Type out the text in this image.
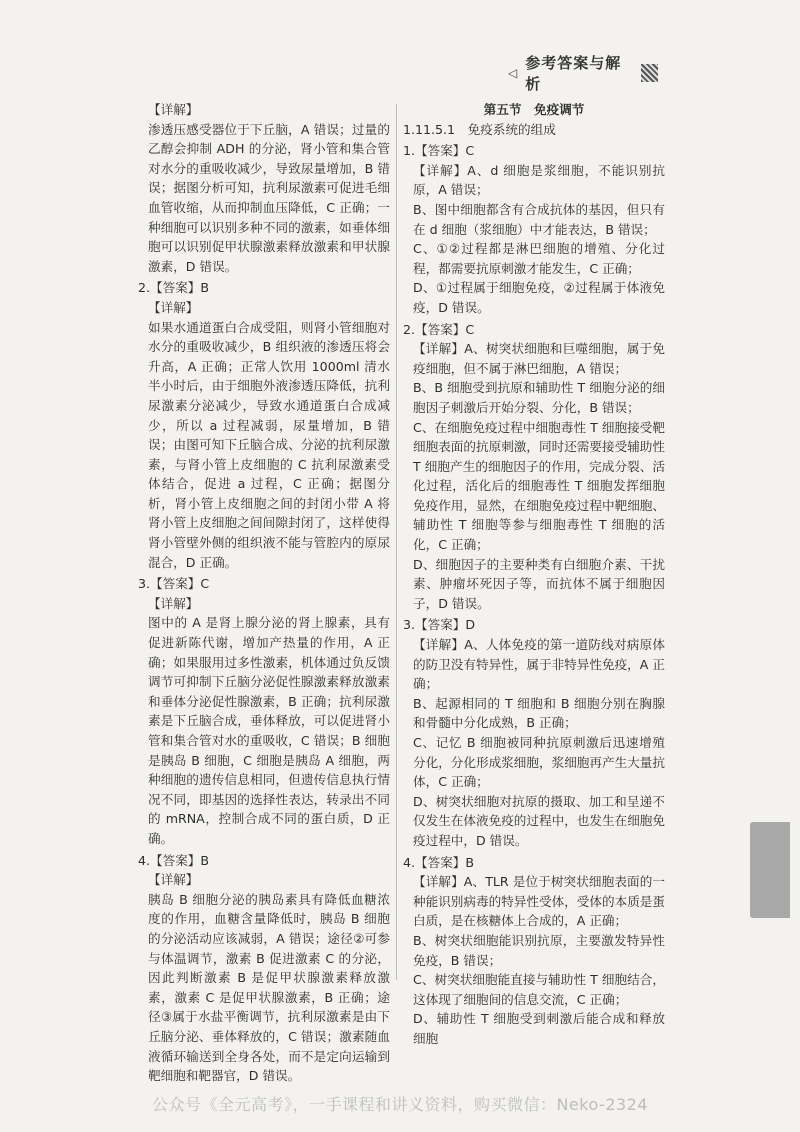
◁
参考答案与解析

【详解】

渗透压感受器位于下丘脑，A 错误；过量的乙醇会抑制 ADH 的分泌，肾小管和集合管对水分的重吸收减少，导致尿量增加，B 错误；据图分析可知，抗利尿激素可促进毛细血管收缩，从而抑制血压降低，C 正确；一种细胞可以识别多种不同的激素，如垂体细胞可以识别促甲状腺激素释放激素和甲状腺激素，D 错误。

2.【答案】B

【详解】

如果水通道蛋白合成受阻，则肾小管细胞对水分的重吸收减少，B 组织液的渗透压将会升高，A 正确；正常人饮用 1000ml 清水半小时后，由于细胞外液渗透压降低，抗利尿激素分泌减少，导致水通道蛋白合成减少，所以 a 过程减弱，尿量增加，B 错误；由图可知下丘脑合成、分泌的抗利尿激素，与肾小管上皮细胞的 C 抗利尿激素受体结合，促进 a 过程，C 正确；据图分析，肾小管上皮细胞之间的封闭小带 A 将肾小管上皮细胞之间间隙封闭了，这样使得肾小管壁外侧的组织液不能与管腔内的原尿混合，D 正确。

3.【答案】C

【详解】

图中的 A 是肾上腺分泌的肾上腺素，具有促进新陈代谢，增加产热量的作用，A 正确；如果服用过多性激素，机体通过负反馈调节可抑制下丘脑分泌促性腺激素释放激素和垂体分泌促性腺激素，B 正确；抗利尿激素是下丘脑合成，垂体释放，可以促进肾小管和集合管对水的重吸收，C 错误；B 细胞是胰岛 B 细胞，C 细胞是胰岛 A 细胞，两种细胞的遗传信息相同，但遗传信息执行情况不同，即基因的选择性表达，转录出不同的 mRNA，控制合成不同的蛋白质，D 正确。

4.【答案】B

【详解】

胰岛 B 细胞分泌的胰岛素具有降低血糖浓度的作用，血糖含量降低时，胰岛 B 细胞的分泌活动应该减弱，A 错误；途径②可参与体温调节，激素 B 促进激素 C 的分泌，因此判断激素 B 是促甲状腺激素释放激素，激素 C 是促甲状腺激素，B 正确；途径③属于水盐平衡调节，抗利尿激素是由下丘脑分泌、垂体释放的，C 错误；激素随血液循环输送到全身各处，而不是定向运输到靶细胞和靶器官，D 错误。

第五节　免疫调节

1.11.5.1　免疫系统的组成

1.【答案】C

【详解】A、d 细胞是浆细胞，不能识别抗原，A 错误；

B、图中细胞都含有合成抗体的基因，但只有在 d 细胞（浆细胞）中才能表达，B 错误；

C、①②过程都是淋巴细胞的增殖、分化过程，都需要抗原刺激才能发生，C 正确；

D、①过程属于细胞免疫，②过程属于体液免疫，D 错误。

2.【答案】C

【详解】A、树突状细胞和巨噬细胞，属于免疫细胞，但不属于淋巴细胞，A 错误；

B、B 细胞受到抗原和辅助性 T 细胞分泌的细胞因子刺激后开始分裂、分化，B 错误；

C、在细胞免疫过程中细胞毒性 T 细胞接受靶细胞表面的抗原刺激，同时还需要接受辅助性 T 细胞产生的细胞因子的作用，完成分裂、活化过程，活化后的细胞毒性 T 细胞发挥细胞免疫作用，显然，在细胞免疫过程中靶细胞、辅助性 T 细胞等参与细胞毒性 T 细胞的活化，C 正确；

D、细胞因子的主要种类有白细胞介素、干扰素、肿瘤坏死因子等，而抗体不属于细胞因子，D 错误。

3.【答案】D

【详解】A、人体免疫的第一道防线对病原体的防卫没有特异性，属于非特异性免疫，A 正确；

B、起源相同的 T 细胞和 B 细胞分别在胸腺和骨髓中分化成熟，B 正确；

C、记忆 B 细胞被同种抗原刺激后迅速增殖分化，分化形成浆细胞，浆细胞再产生大量抗体，C 正确；

D、树突状细胞对抗原的摄取、加工和呈递不仅发生在体液免疫的过程中，也发生在细胞免疫过程中，D 错误。

4.【答案】B

【详解】A、TLR 是位于树突状细胞表面的一种能识别病毒的特异性受体，受体的本质是蛋白质，是在核糖体上合成的，A 正确；

B、树突状细胞能识别抗原，主要激发特异性免疫，B 错误；

C、树突状细胞能直接与辅助性 T 细胞结合，这体现了细胞间的信息交流，C 正确；

D、辅助性 T 细胞受到刺激后能合成和释放细胞

公众号《全元高考》，一手课程和讲义资料，购买微信：Neko-2324
